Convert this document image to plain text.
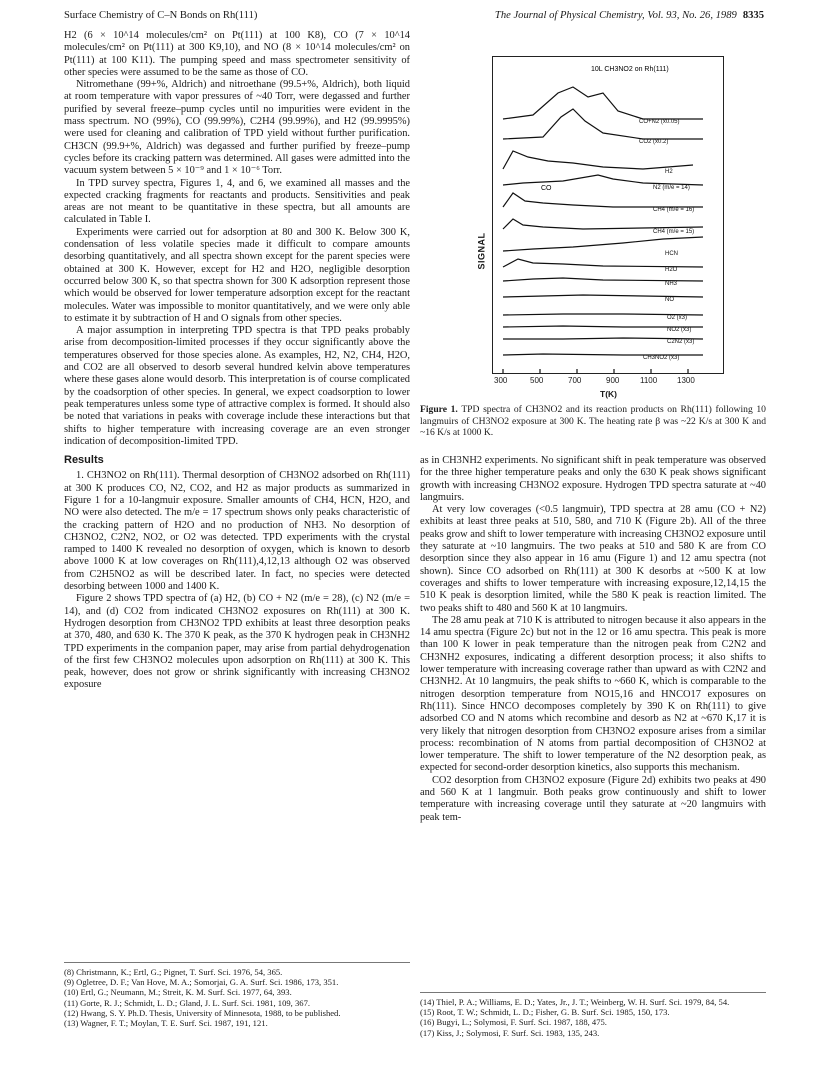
Surface Chemistry of C–N Bonds on Rh(111)	The Journal of Physical Chemistry, Vol. 93, No. 26, 1989 8335

H2 (6 × 10^14 molecules/cm² on Pt(111) at 100 K8), CO (7 × 10^14 molecules/cm² on Pt(111) at 300 K9,10), and NO (8 × 10^14 molecules/cm² on Pt(111) at 100 K11). The pumping speed and mass spectrometer sensitivity of other species were assumed to be the same as those of CO.

Nitromethane (99+%, Aldrich) and nitroethane (99.5+%, Aldrich), both liquid at room temperature with vapor pressures of ~40 Torr, were degassed and further purified by several freeze–pump cycles until no impurities were evident in the mass spectrum. NO (99%), CO (99.99%), C2H4 (99.99%), and H2 (99.9995%) were used for cleaning and calibration of TPD yield without further purification. CH3CN (99.9+%, Aldrich) was degassed and further purified by freeze–pump cycles before its cracking pattern was determined. All gases were admitted into the vacuum system between 5 × 10⁻⁹ and 1 × 10⁻⁶ Torr.

In TPD survey spectra, Figures 1, 4, and 6, we examined all masses and the expected cracking fragments for reactants and products. Sensitivities and peak areas are not meant to be quantitative in these spectra, but all amounts are calculated in Table I.

Experiments were carried out for adsorption at 80 and 300 K. Below 300 K, condensation of less volatile species made it difficult to compare amounts desorbing quantitatively, and all spectra shown except for the parent species were obtained at 300 K. However, except for H2 and H2O, negligible desorption occurred below 300 K, so that spectra shown for 300 K adsorption represent those which would be observed for lower temperature adsorption except for the reactant molecules. Water was impossible to monitor quantitatively, and we were only able to estimate it by subtraction of H and O signals from other species.

A major assumption in interpreting TPD spectra is that TPD peaks probably arise from decomposition-limited processes if they occur significantly above the temperatures observed for those species alone. As examples, H2, N2, CH4, H2O, and CO2 are all observed to desorb several hundred kelvin above temperatures where these gases alone would desorb. This interpretation is of course complicated by the coadsorption of other species. In general, we expect coadsorption to lower peak temperatures unless some type of attractive complex is formed. It should also be noted that variations in peaks with coverage include these interactions but that shifts to higher temperature with increasing coverage are an even stronger indication of decomposition-limited TPD.

Results

1. CH3NO2 on Rh(111). Thermal desorption of CH3NO2 adsorbed on Rh(111) at 300 K produces CO, N2, CO2, and H2 as major products as summarized in Figure 1 for a 10-langmuir exposure. Smaller amounts of CH4, HCN, H2O, and NO were also detected. The m/e = 17 spectrum shows only peaks characteristic of the cracking pattern of H2O and no production of NH3. No desorption of CH3NO2, C2N2, NO2, or O2 was detected. TPD experiments with the crystal ramped to 1400 K revealed no desorption of oxygen, which is known to desorb above 1000 K at low coverages on Rh(111),4,12,13 although O2 was observed from C2H5NO2 as will be described later. In fact, no species were detected desorbing between 1000 and 1400 K.

Figure 2 shows TPD spectra of (a) H2, (b) CO + N2 (m/e = 28), (c) N2 (m/e = 14), and (d) CO2 from indicated CH3NO2 exposures on Rh(111) at 300 K. Hydrogen desorption from CH3NO2 TPD exhibits at least three desorption peaks at 370, 480, and 630 K. The 370 K peak, as the 370 K hydrogen peak in CH3NH2 TPD experiments in the companion paper, may arise from partial dehydrogenation of the first few CH3NO2 molecules upon adsorption on Rh(111) at 300 K. This peak, however, does not grow or shrink significantly with increasing CH3NO2 exposure

(8) Christmann, K.; Ertl, G.; Pignet, T. Surf. Sci. 1976, 54, 365.
(9) Ogletree, D. F.; Van Hove, M. A.; Somorjai, G. A. Surf. Sci. 1986, 173, 351.
(10) Ertl, G.; Neumann, M.; Streit, K. M. Surf. Sci. 1977, 64, 393.
(11) Gorte, R. J.; Schmidt, L. D.; Gland, J. L. Surf. Sci. 1981, 109, 367.
(12) Hwang, S. Y. Ph.D. Thesis, University of Minnesota, 1988, to be published.
(13) Wagner, F. T.; Moylan, T. E. Surf. Sci. 1987, 191, 121.
SIGNAL
10L CH3NO2 on Rh(111)
CO+N2 (x0.05)
CO2 (x0.2)
H2
N2 (m/e = 14)
CH4 (m/e = 16)
CH4 (m/e = 15)
HCN
H2O
NH3
NO
O2 (x3)
NO2 (x3)
C2N2 (x3)
CH3NO2 (x3)
CO
300	500	700	900	1100 1300
T(K)
Figure 1. TPD spectra of CH3NO2 and its reaction products on Rh(111) following 10 langmuirs of CH3NO2 exposure at 300 K. The heating rate β was ~22 K/s at 300 K and ~16 K/s at 1000 K.

as in CH3NH2 experiments. No significant shift in peak temperature was observed for the three higher temperature peaks and only the 630 K peak shows significant growth with increasing CH3NO2 exposure. Hydrogen TPD spectra saturate at ~40 langmuirs.

At very low coverages (<0.5 langmuir), TPD spectra at 28 amu (CO + N2) exhibits at least three peaks at 510, 580, and 710 K (Figure 2b). All of the three peaks grow and shift to lower temperature with increasing CH3NO2 exposure until they saturate at ~10 langmuirs. The two peaks at 510 and 580 K are from CO desorption since they also appear in 16 amu (Figure 1) and 12 amu spectra (not shown). Since CO adsorbed on Rh(111) at 300 K desorbs at ~500 K at low coverages and shifts to lower temperature with increasing exposure,12,14,15 the 510 K peak is desorption limited, while the 580 K peak is reaction limited. The two peaks shift to 480 and 560 K at 10 langmuirs.

The 28 amu peak at 710 K is attributed to nitrogen because it also appears in the 14 amu spectra (Figure 2c) but not in the 12 or 16 amu spectra. This peak is more than 100 K lower in peak temperature than the nitrogen peak from C2N2 and CH3NH2 exposures, indicating a different desorption process; it also shifts to lower temperature with increasing coverage rather than upward as with C2N2 and CH3NH2. At 10 langmuirs, the peak shifts to ~660 K, which is comparable to the nitrogen desorption temperature from NO15,16 and HNCO17 exposures on Rh(111). Since HNCO decomposes completely by 390 K on Rh(111) to give adsorbed CO and N atoms which recombine and desorb as N2 at ~670 K,17 it is very likely that nitrogen desorption from CH3NO2 exposure arises from a similar process: recombination of N atoms from partial decomposition of CH3NO2 at lower temperature. The shift to lower temperature of the N2 desorption peak, as expected for second-order desorption kinetics, also supports this mechanism.

CO2 desorption from CH3NO2 exposure (Figure 2d) exhibits two peaks at 490 and 560 K at 1 langmuir. Both peaks grow continuously and shift to lower temperature with increasing coverage until they saturate at ~20 langmuirs with peak tem-

(14) Thiel, P. A.; Williams, E. D.; Yates, Jr., J. T.; Weinberg, W. H. Surf. Sci. 1979, 84, 54.
(15) Root, T. W.; Schmidt, L. D.; Fisher, G. B. Surf. Sci. 1985, 150, 173.
(16) Bugyi, L.; Solymosi, F. Surf. Sci. 1987, 188, 475.
(17) Kiss, J.; Solymosi, F. Surf. Sci. 1983, 135, 243.
